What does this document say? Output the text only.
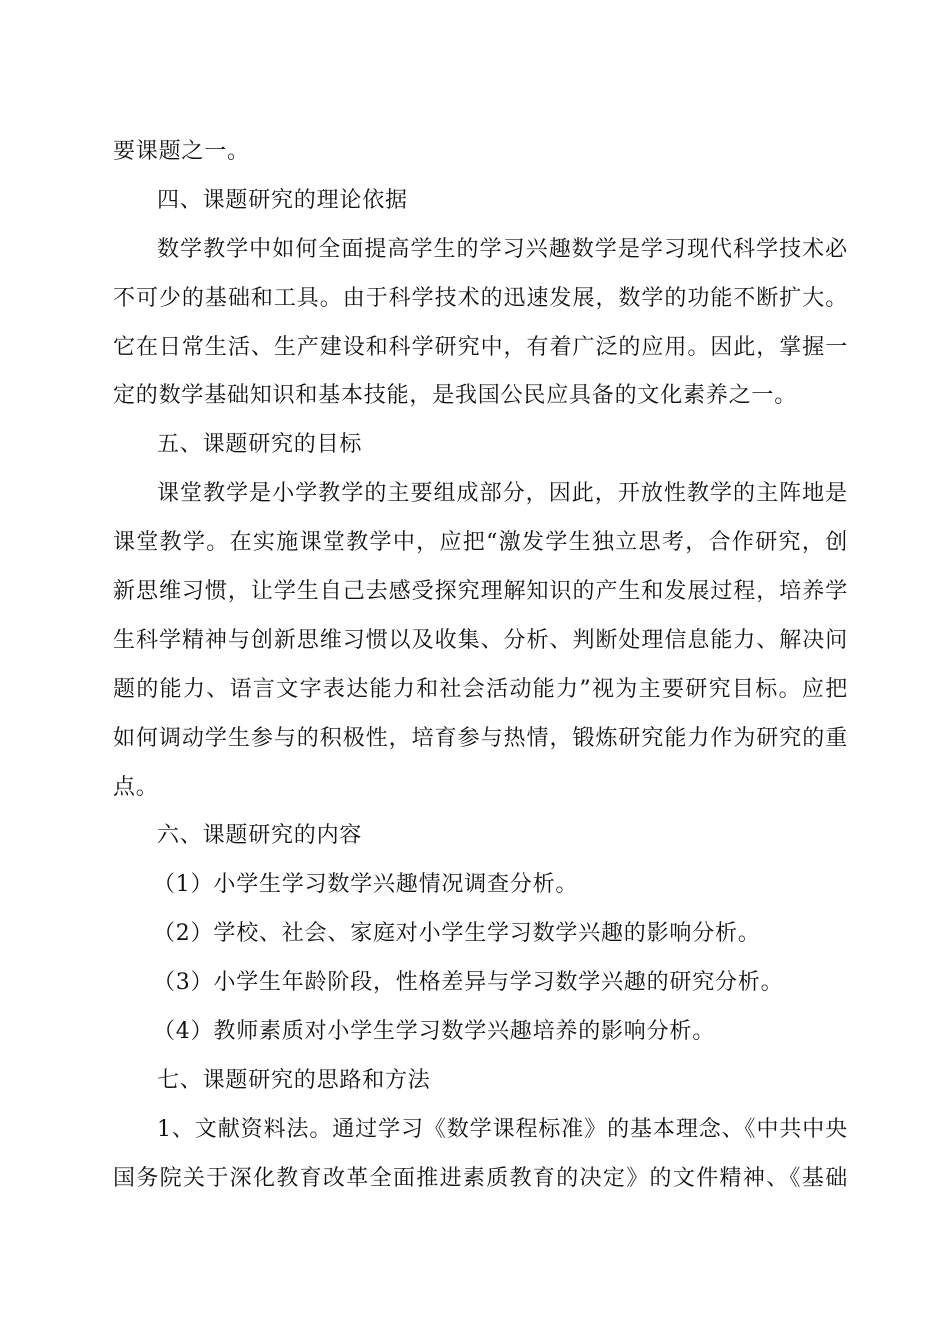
要课题之一。
四、课题研究的理论依据
数学教学中如何全面提高学生的学习兴趣数学是学习现代科学技术必
不可少的基础和工具。由于科学技术的迅速发展，数学的功能不断扩大。
它在日常生活、生产建设和科学研究中，有着广泛的应用。因此，掌握一
定的数学基础知识和基本技能，是我国公民应具备的文化素养之一。
五、课题研究的目标
课堂教学是小学教学的主要组成部分，因此，开放性教学的主阵地是
课堂教学。在实施课堂教学中，应把“激发学生独立思考，合作研究，创
新思维习惯，让学生自己去感受探究理解知识的产生和发展过程，培养学
生科学精神与创新思维习惯以及收集、分析、判断处理信息能力、解决问
题的能力、语言文字表达能力和社会活动能力”视为主要研究目标。应把
如何调动学生参与的积极性，培育参与热情，锻炼研究能力作为研究的重
点。
六、课题研究的内容
（1）小学生学习数学兴趣情况调查分析。
（2）学校、社会、家庭对小学生学习数学兴趣的影响分析。
（3）小学生年龄阶段，性格差异与学习数学兴趣的研究分析。
（4）教师素质对小学生学习数学兴趣培养的影响分析。
七、课题研究的思路和方法
1、文献资料法。通过学习《数学课程标准》的基本理念、《中共中央
国务院关于深化教育改革全面推进素质教育的决定》的文件精神、《基础
